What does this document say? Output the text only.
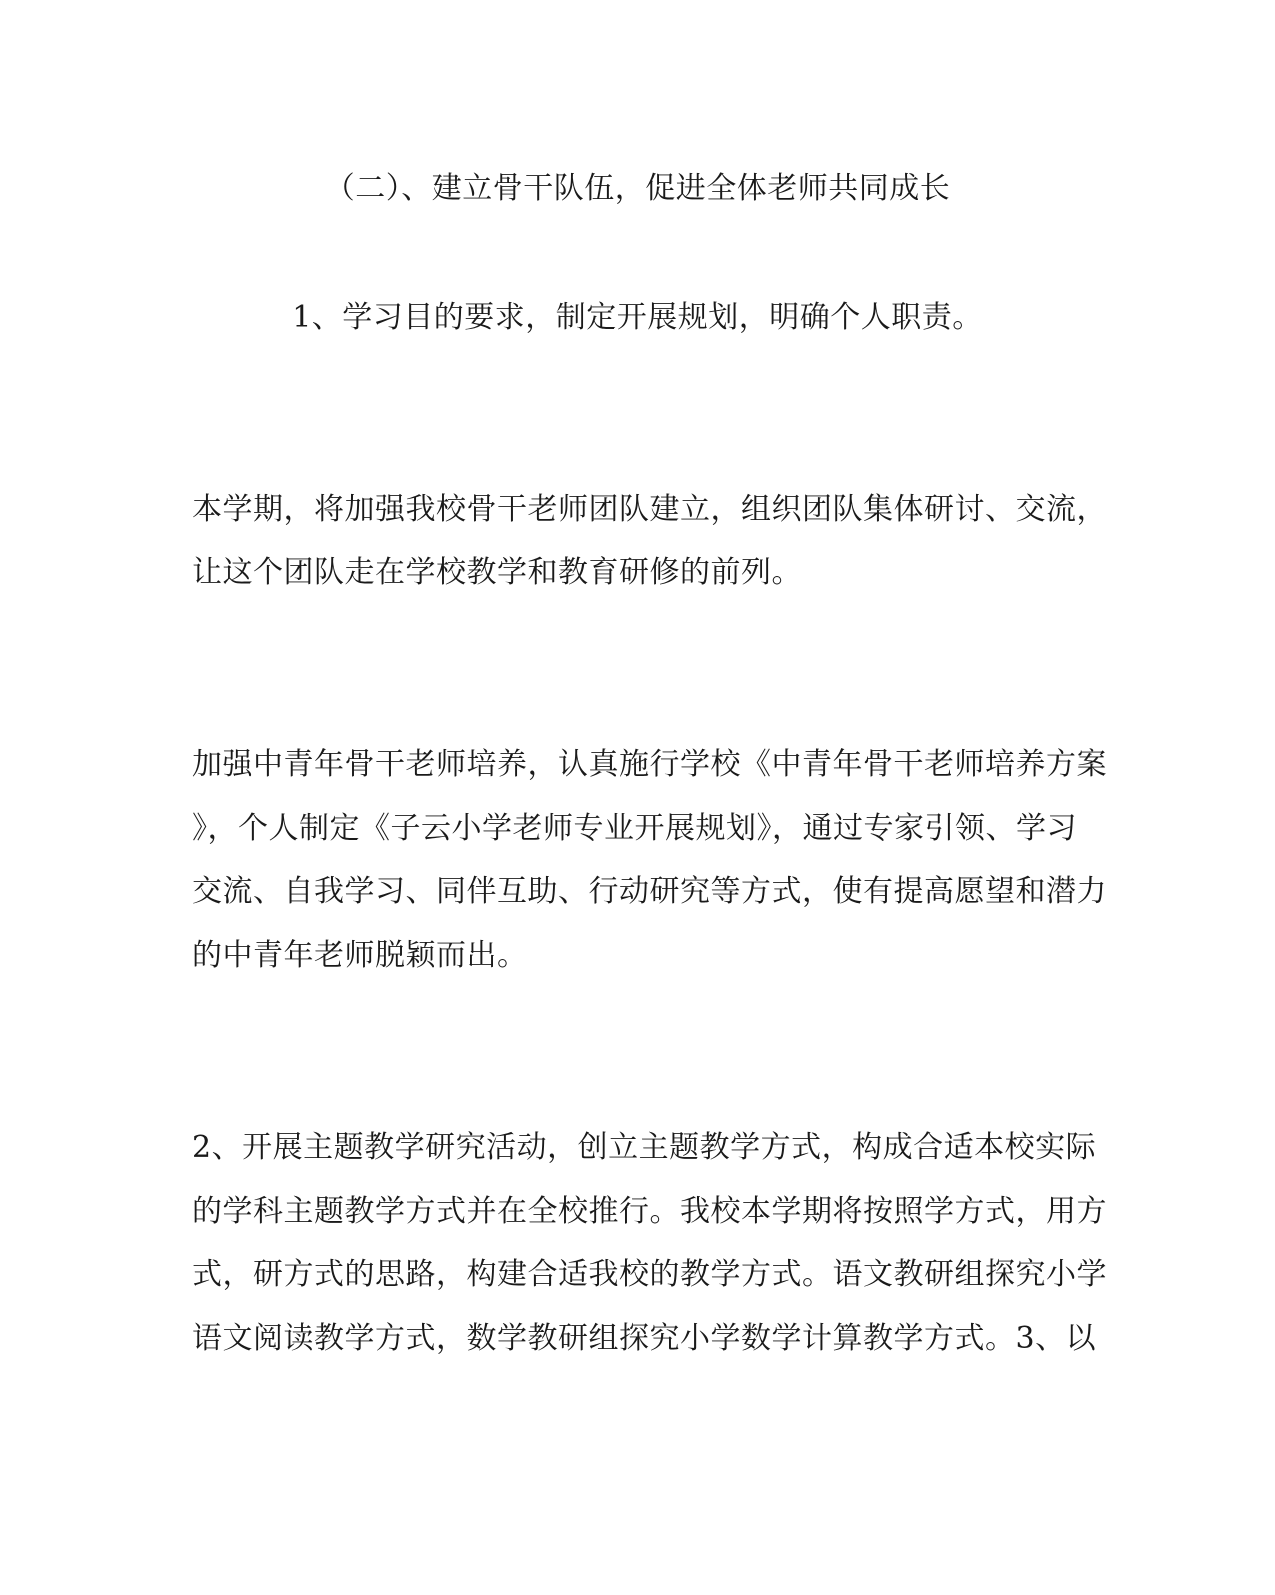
（二）、建立骨干队伍，促进全体老师共同成长
1、学习目的要求，制定开展规划，明确个人职责。
本学期，将加强我校骨干老师团队建立，组织团队集体研讨、交流，
让这个团队走在学校教学和教育研修的前列。
加强中青年骨干老师培养，认真施行学校《中青年骨干老师培养方案
》，个人制定《子云小学老师专业开展规划》，通过专家引领、学习
交流、自我学习、同伴互助、行动研究等方式，使有提高愿望和潜力
的中青年老师脱颖而出。
2、开展主题教学研究活动，创立主题教学方式，构成合适本校实际
的学科主题教学方式并在全校推行。我校本学期将按照学方式，用方
式，研方式的思路，构建合适我校的教学方式。语文教研组探究小学
语文阅读教学方式，数学教研组探究小学数学计算教学方式。3、以
